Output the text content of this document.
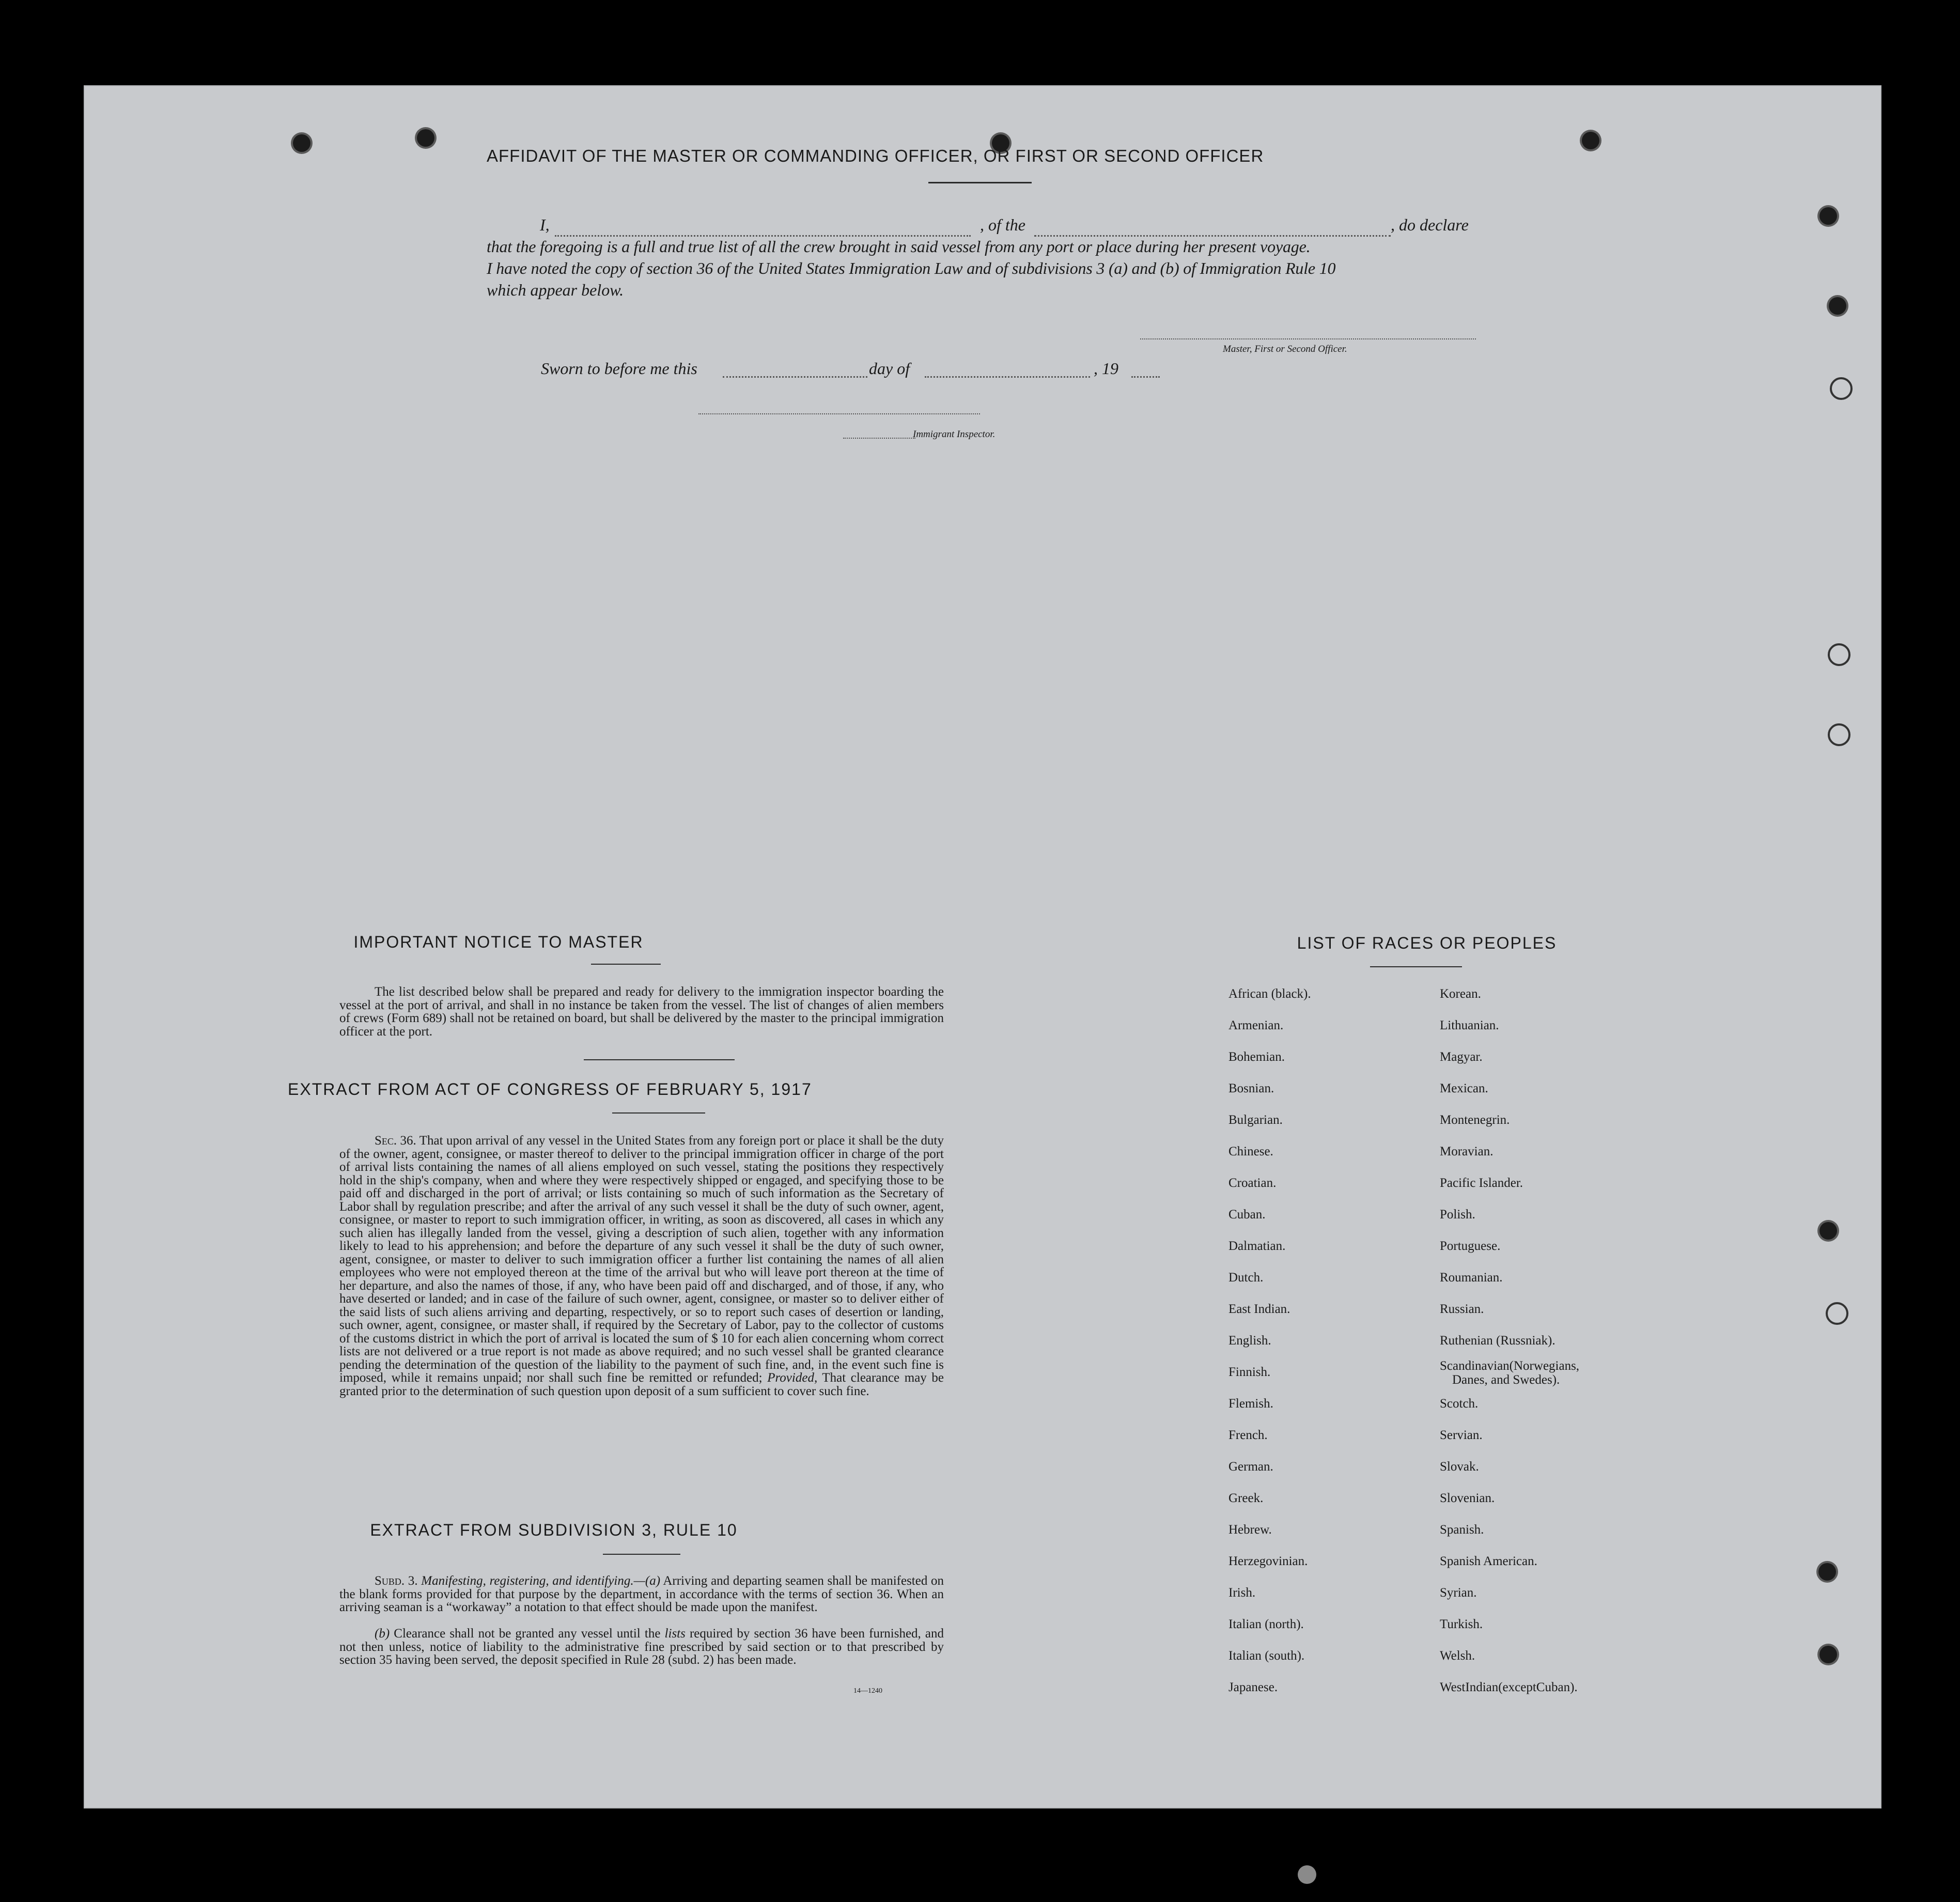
AFFIDAVIT OF THE MASTER OR COMMANDING OFFICER, OR FIRST OR SECOND OFFICER
I,	, of the	, do declare
that the foregoing is a full and true list of all the crew brought in said vessel from any port or place during her present voyage.
I have noted the copy of section 36 of the United States Immigration Law and of subdivisions 3 (a) and (b) of Immigration Rule 10
which appear below.
Master, First or Second Officer.
Sworn to before me this	day of	, 19
Immigrant Inspector.
IMPORTANT NOTICE TO MASTER
The list described below shall be prepared and ready for delivery to the immigration inspector boarding the vessel at the port of arrival, and shall in no instance be taken from the vessel. The list of changes of alien members of crews (Form 689) shall not be retained on board, but shall be delivered by the master to the principal immigration officer at the port.
EXTRACT FROM ACT OF CONGRESS OF FEBRUARY 5, 1917
Sec. 36. That upon arrival of any vessel in the United States from any foreign port or place it shall be the duty of the owner, agent, consignee, or master thereof to deliver to the principal immigration officer in charge of the port of arrival lists containing the names of all aliens employed on such vessel, stating the positions they respectively hold in the ship's company, when and where they were respectively shipped or engaged, and specifying those to be paid off and discharged in the port of arrival; or lists containing so much of such information as the Secretary of Labor shall by regulation prescribe; and after the arrival of any such vessel it shall be the duty of such owner, agent, consignee, or master to report to such immigration officer, in writing, as soon as discovered, all cases in which any such alien has illegally landed from the vessel, giving a description of such alien, together with any information likely to lead to his apprehension; and before the departure of any such vessel it shall be the duty of such owner, agent, consignee, or master to deliver to such immigration officer a further list containing the names of all alien employees who were not employed thereon at the time of the arrival but who will leave port thereon at the time of her departure, and also the names of those, if any, who have been paid off and discharged, and of those, if any, who have deserted or landed; and in case of the failure of such owner, agent, consignee, or master so to deliver either of the said lists of such aliens arriving and departing, respectively, or so to report such cases of desertion or landing, such owner, agent, consignee, or master shall, if required by the Secretary of Labor, pay to the collector of customs of the customs district in which the port of arrival is located the sum of $ 10 for each alien concerning whom correct lists are not delivered or a true report is not made as above required; and no such vessel shall be granted clearance pending the determination of the question of the liability to the payment of such fine, and, in the event such fine is imposed, while it remains unpaid; nor shall such fine be remitted or refunded; Provided, That clearance may be granted prior to the determination of such question upon deposit of a sum sufficient to cover such fine.
EXTRACT FROM SUBDIVISION 3, RULE 10
Subd. 3. Manifesting, registering, and identifying.—(a) Arriving and departing seamen shall be manifested on the blank forms provided for that purpose by the department, in accordance with the terms of section 36. When an arriving seaman is a “workaway” a notation to that effect should be made upon the manifest.
(b) Clearance shall not be granted any vessel until the lists required by section 36 have been furnished, and not then unless, notice of liability to the administrative fine prescribed by said section or to that prescribed by section 35 having been served, the deposit specified in Rule 28 (subd. 2) has been made.
14—1240
LIST OF RACES OR PEOPLES
African (black).
Armenian.
Bohemian.
Bosnian.
Bulgarian.
Chinese.
Croatian.
Cuban.
Dalmatian.
Dutch.
East Indian.
English.
Finnish.
Flemish.
French.
German.
Greek.
Hebrew.
Herzegovinian.
Irish.
Italian (north).
Italian (south).
Japanese.
Korean.
Lithuanian.
Magyar.
Mexican.
Montenegrin.
Moravian.
Pacific Islander.
Polish.
Portuguese.
Roumanian.
Russian.
Ruthenian (Russniak).
Scandinavian(Norwegians,
Danes, and Swedes).
Scotch.
Servian.
Slovak.
Slovenian.
Spanish.
Spanish American.
Syrian.
Turkish.
Welsh.
WestIndian(exceptCuban).
